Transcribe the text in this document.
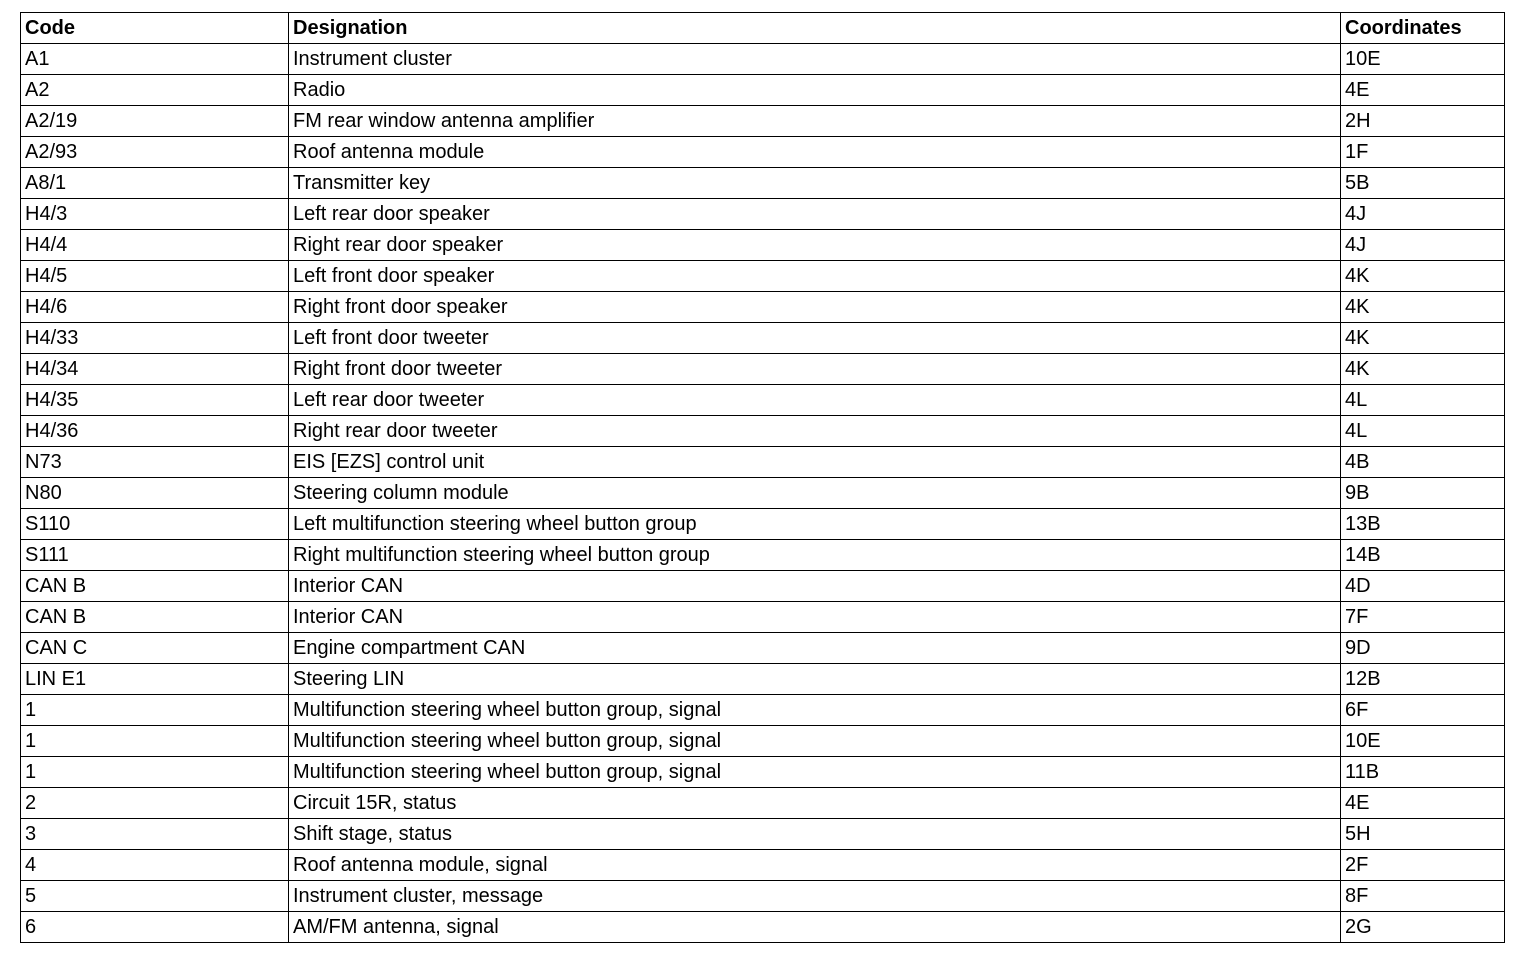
Code	Designation	Coordinates
A1	Instrument cluster	10E
A2	Radio	4E
A2/19	FM rear window antenna amplifier	2H
A2/93	Roof antenna module	1F
A8/1	Transmitter key	5B
H4/3	Left rear door speaker	4J
H4/4	Right rear door speaker	4J
H4/5	Left front door speaker	4K
H4/6	Right front door speaker	4K
H4/33	Left front door tweeter	4K
H4/34	Right front door tweeter	4K
H4/35	Left rear door tweeter	4L
H4/36	Right rear door tweeter	4L
N73	EIS [EZS] control unit	4B
N80	Steering column module	9B
S110	Left multifunction steering wheel button group	13B
S111	Right multifunction steering wheel button group	14B
CAN B	Interior CAN	4D
CAN B	Interior CAN	7F
CAN C	Engine compartment CAN	9D
LIN E1	Steering LIN	12B
1	Multifunction steering wheel button group, signal	6F
1	Multifunction steering wheel button group, signal	10E
1	Multifunction steering wheel button group, signal	11B
2	Circuit 15R, status	4E
3	Shift stage, status	5H
4	Roof antenna module, signal	2F
5	Instrument cluster, message	8F
6	AM/FM antenna, signal	2G
